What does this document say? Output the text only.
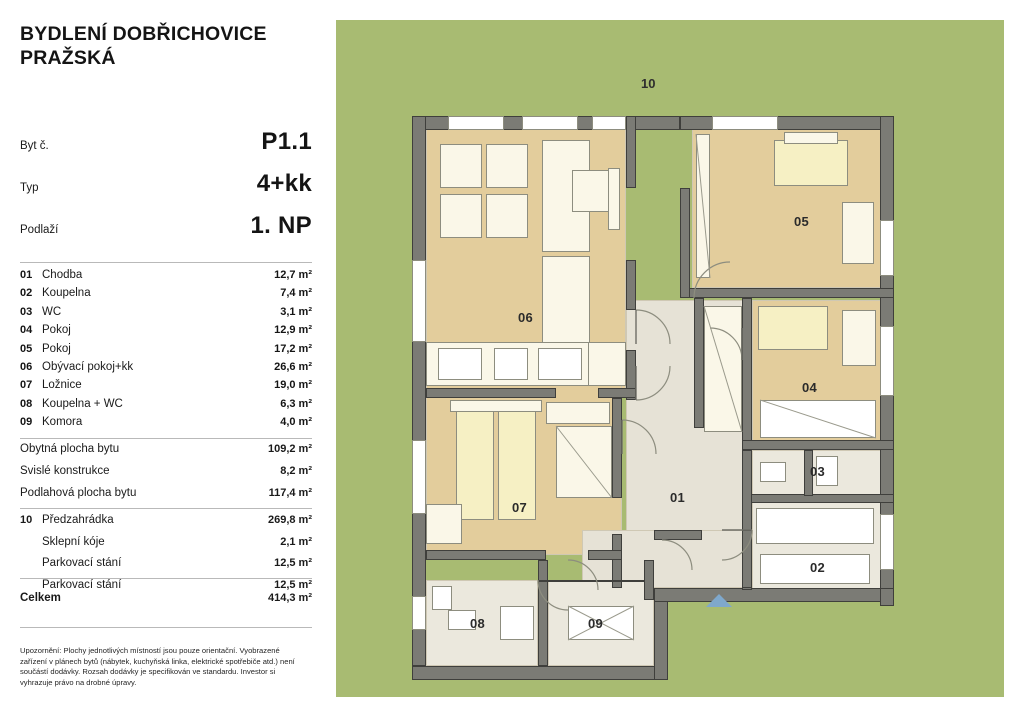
BYDLENÍ DOBŘICHOVICE
PRAŽSKÁ
Byt č.	P1.1
Typ	4+kk
Podlaží	1. NP
01 Chodba	12,7 m²
02 Koupelna	7,4 m²
03 WC	3,1 m²
04 Pokoj	12,9 m²
05 Pokoj	17,2 m²
06 Obývací pokoj+kk	26,6 m²
07 Ložnice	19,0 m²
08 Koupelna + WC	6,3 m²
09 Komora	4,0 m²
Obytná plocha bytu	109,2 m²
Svislé konstrukce	8,2 m²
Podlahová plocha bytu	117,4 m²
10 Předzahrádka	269,8 m²
Sklepní kóje	2,1 m²
Parkovací stání	12,5 m²
Parkovací stání	12,5 m²
Celkem	414,3 m²
Upozornění: Plochy jednotlivých místností jsou pouze orientační. Vyobrazené zařízení v plánech bytů (nábytek, kuchyňská linka, elektrické spotřebiče atd.) není součástí dodávky. Rozsah dodávky je specifikován ve standardu. Investor si vyhrazuje právo na drobné úpravy.
10
06
05
04
07
01
03
02
08	09
